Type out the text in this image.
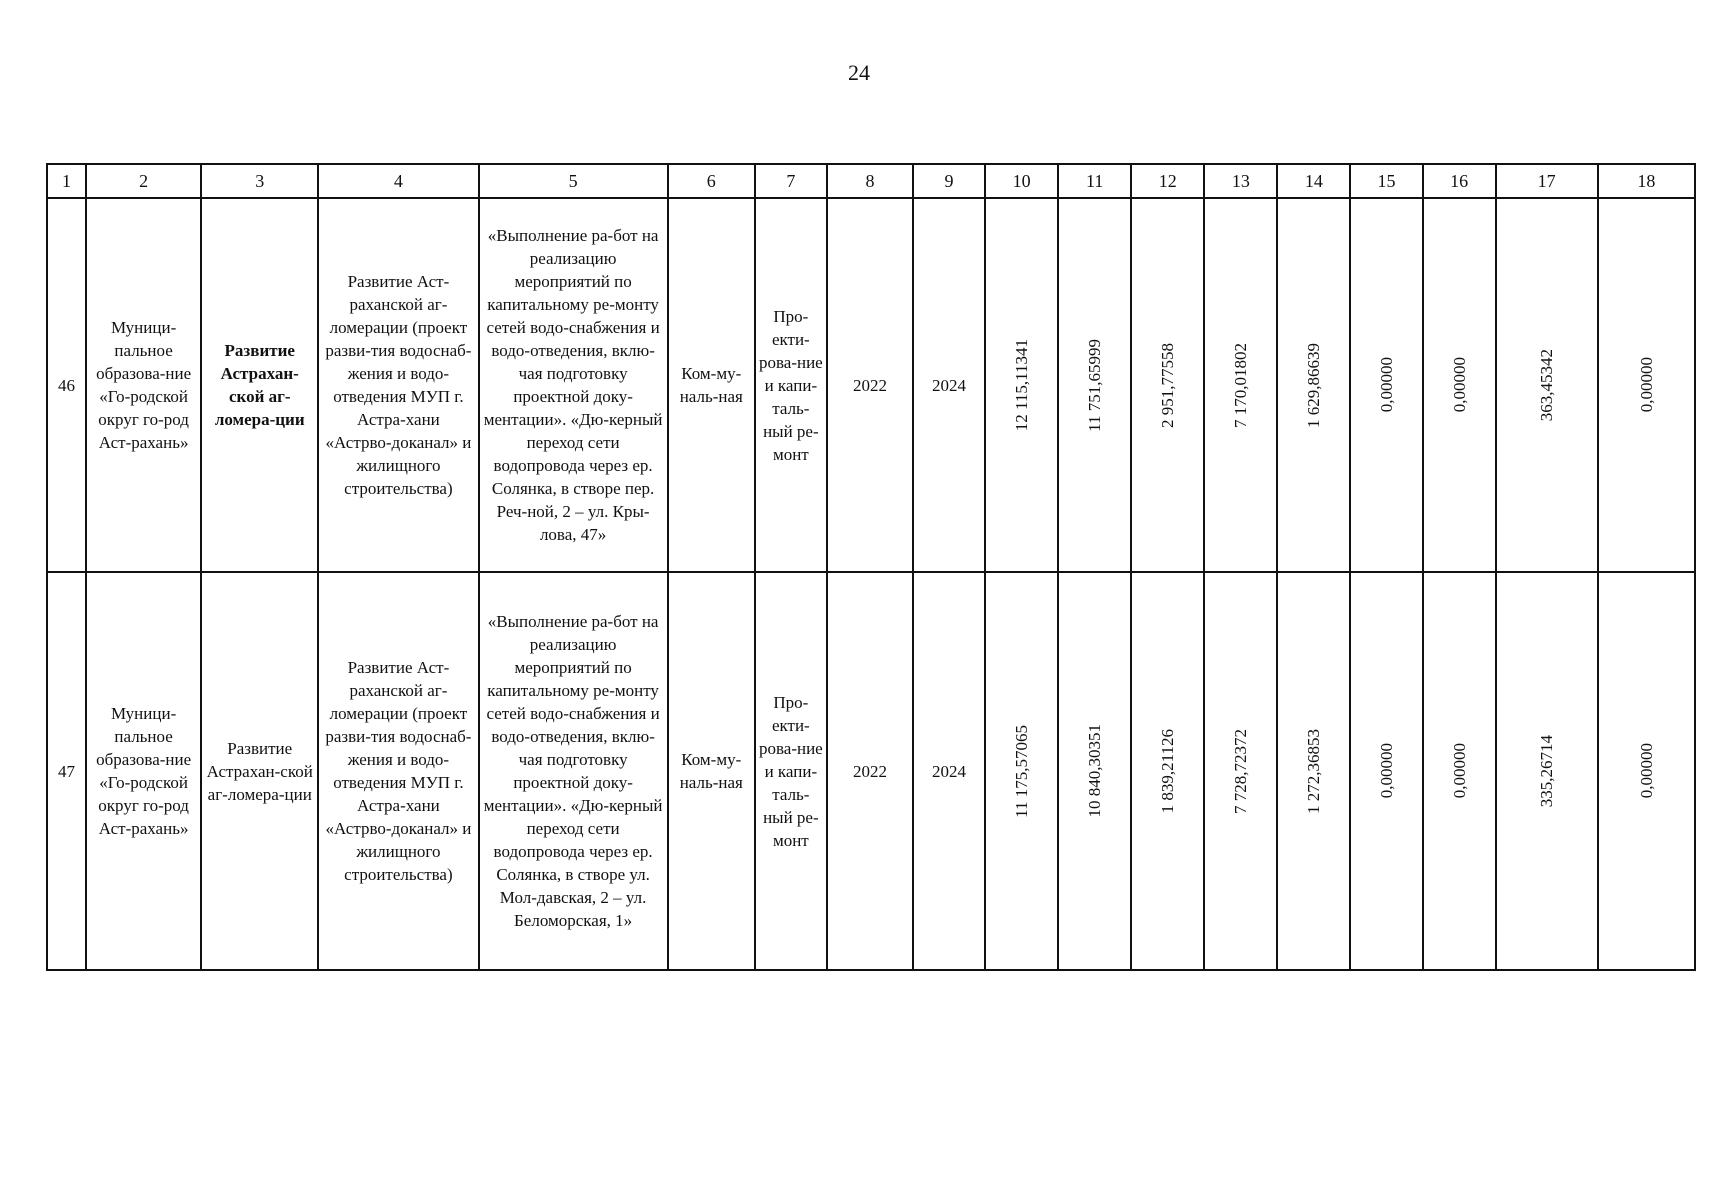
24
1	2	3	4	5	6	7	8	9	10	11	12	13	14	15	16	17	18
46	Муници-пальное образова-ние «Го-родской округ го-род Аст-рахань»	Развитие Астрахан-ской аг-ломера-ции	Развитие Аст-раханской аг-ломерации (проект разви-тия водоснаб-жения и водо-отведения МУП г. Астра-хани «Астрво-доканал» и жилищного строительства)	«Выполнение ра-бот на реализацию мероприятий по капитальному ре-монту сетей водо-снабжения и водо-отведения, вклю-чая подготовку проектной доку-ментации». «Дю-керный переход сети водопровода через ер. Солянка, в створе пер. Реч-ной, 2 – ул. Кры-лова, 47»	Ком-му-наль-ная	Про-екти-рова-ние и капи-таль-ный ре-монт	2022	2024	12 115,11341	11 751,65999	2 951,77558	7 170,01802	1 629,86639	0,00000	0,00000	363,45342	0,00000

47	Муници-пальное образова-ние «Го-родской округ го-род Аст-рахань»	Развитие Астрахан-ской аг-ломера-ции	Развитие Аст-раханской аг-ломерации (проект разви-тия водоснаб-жения и водо-отведения МУП г. Астра-хани «Астрво-доканал» и жилищного строительства)	«Выполнение ра-бот на реализацию мероприятий по капитальному ре-монту сетей водо-снабжения и водо-отведения, вклю-чая подготовку проектной доку-ментации». «Дю-керный переход сети водопровода через ер. Солянка, в створе ул. Мол-давская, 2 – ул. Беломорская, 1»	Ком-му-наль-ная	Про-екти-рова-ние и капи-таль-ный ре-монт	2022	2024	11 175,57065	10 840,30351	1 839,21126	7 728,72372	1 272,36853	0,00000	0,00000	335,26714	0,00000
